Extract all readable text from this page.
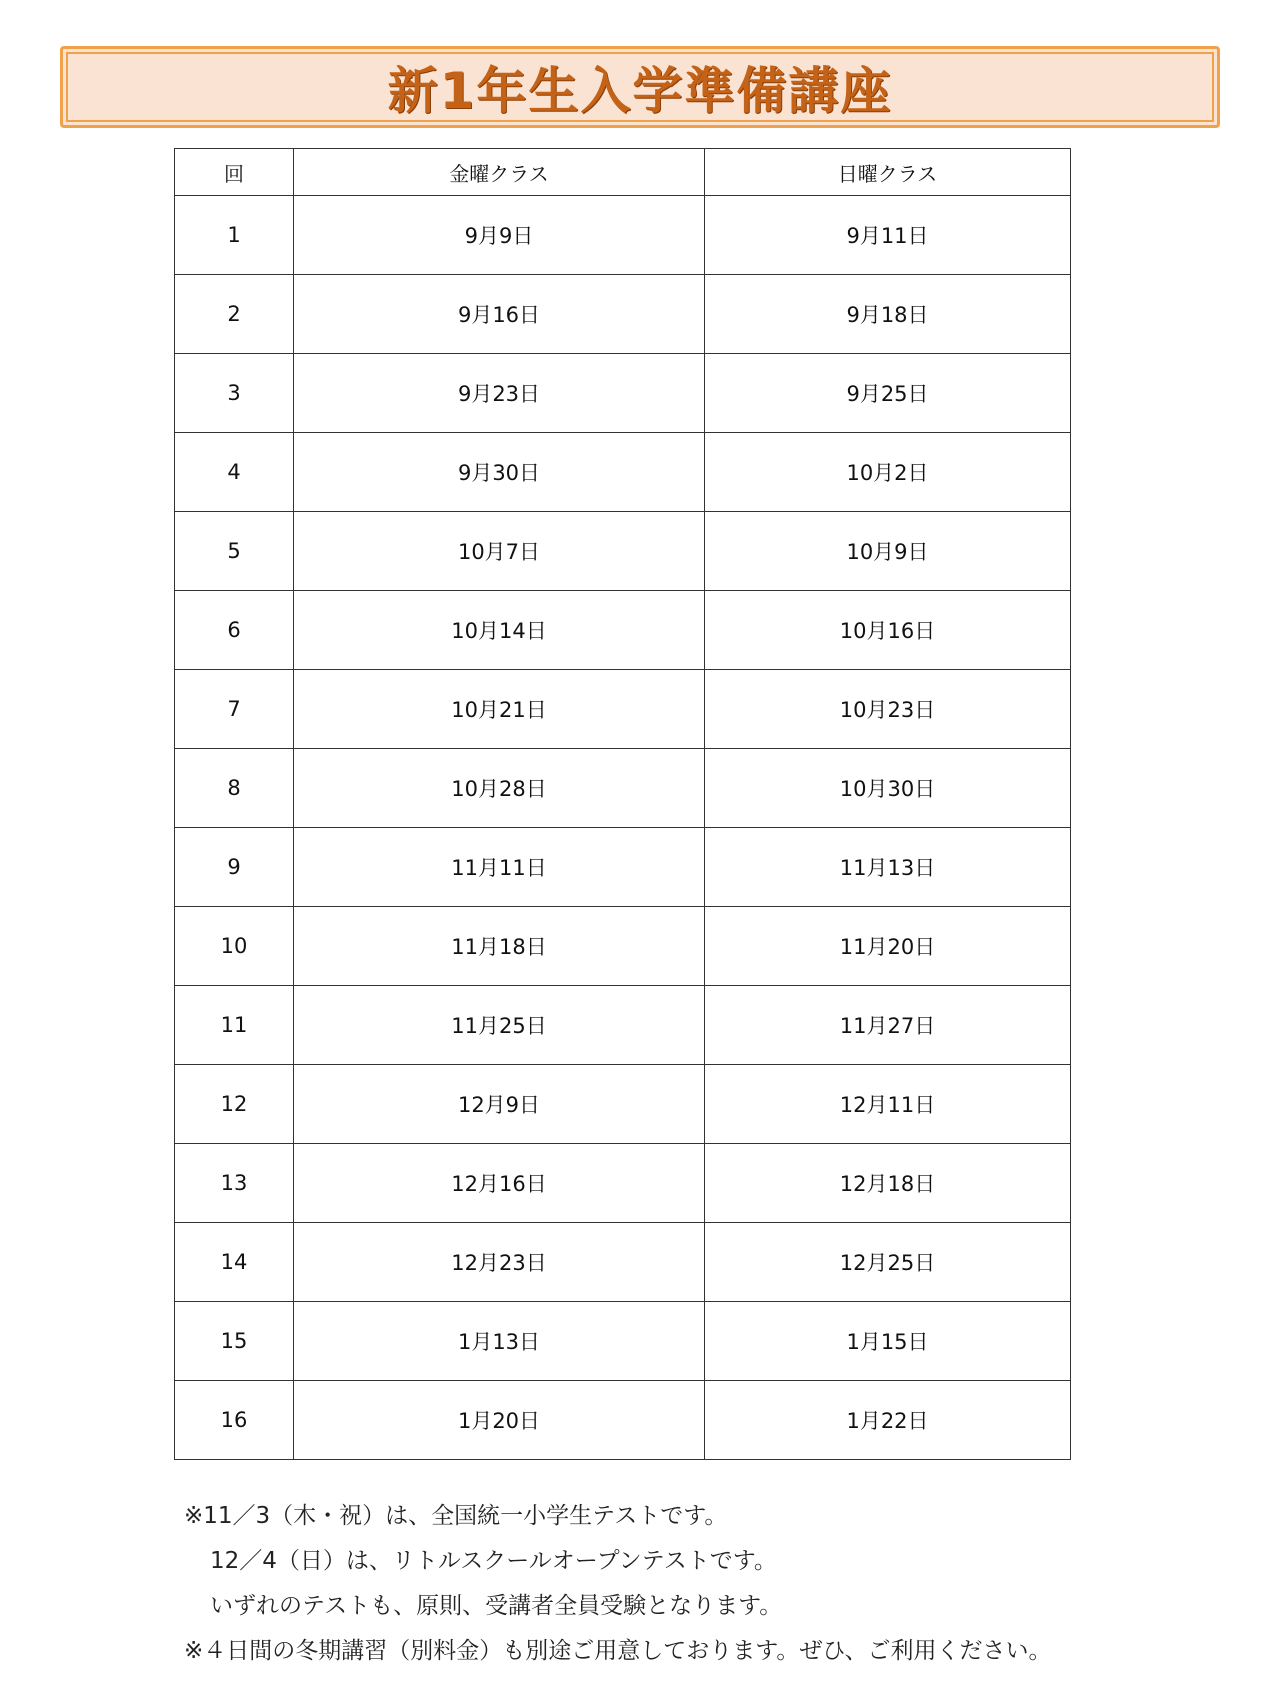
新1年生入学準備講座
回	金曜クラス	日曜クラス
1	9月9日	9月11日
2	9月16日	9月18日
3	9月23日	9月25日
4	9月30日	10月2日
5	10月7日	10月9日
6	10月14日	10月16日
7	10月21日	10月23日
8	10月28日	10月30日
9	11月11日	11月13日
10	11月18日	11月20日
11	11月25日	11月27日
12	12月9日	12月11日
13	12月16日	12月18日
14	12月23日	12月25日
15	1月13日	1月15日
16	1月20日	1月22日
※11／3（木・祝）は、全国統一小学生テストです。
12／4（日）は、リトルスクールオープンテストです。
いずれのテストも、原則、受講者全員受験となります。
※４日間の冬期講習（別料金）も別途ご用意しております。ぜひ、ご利用ください。
